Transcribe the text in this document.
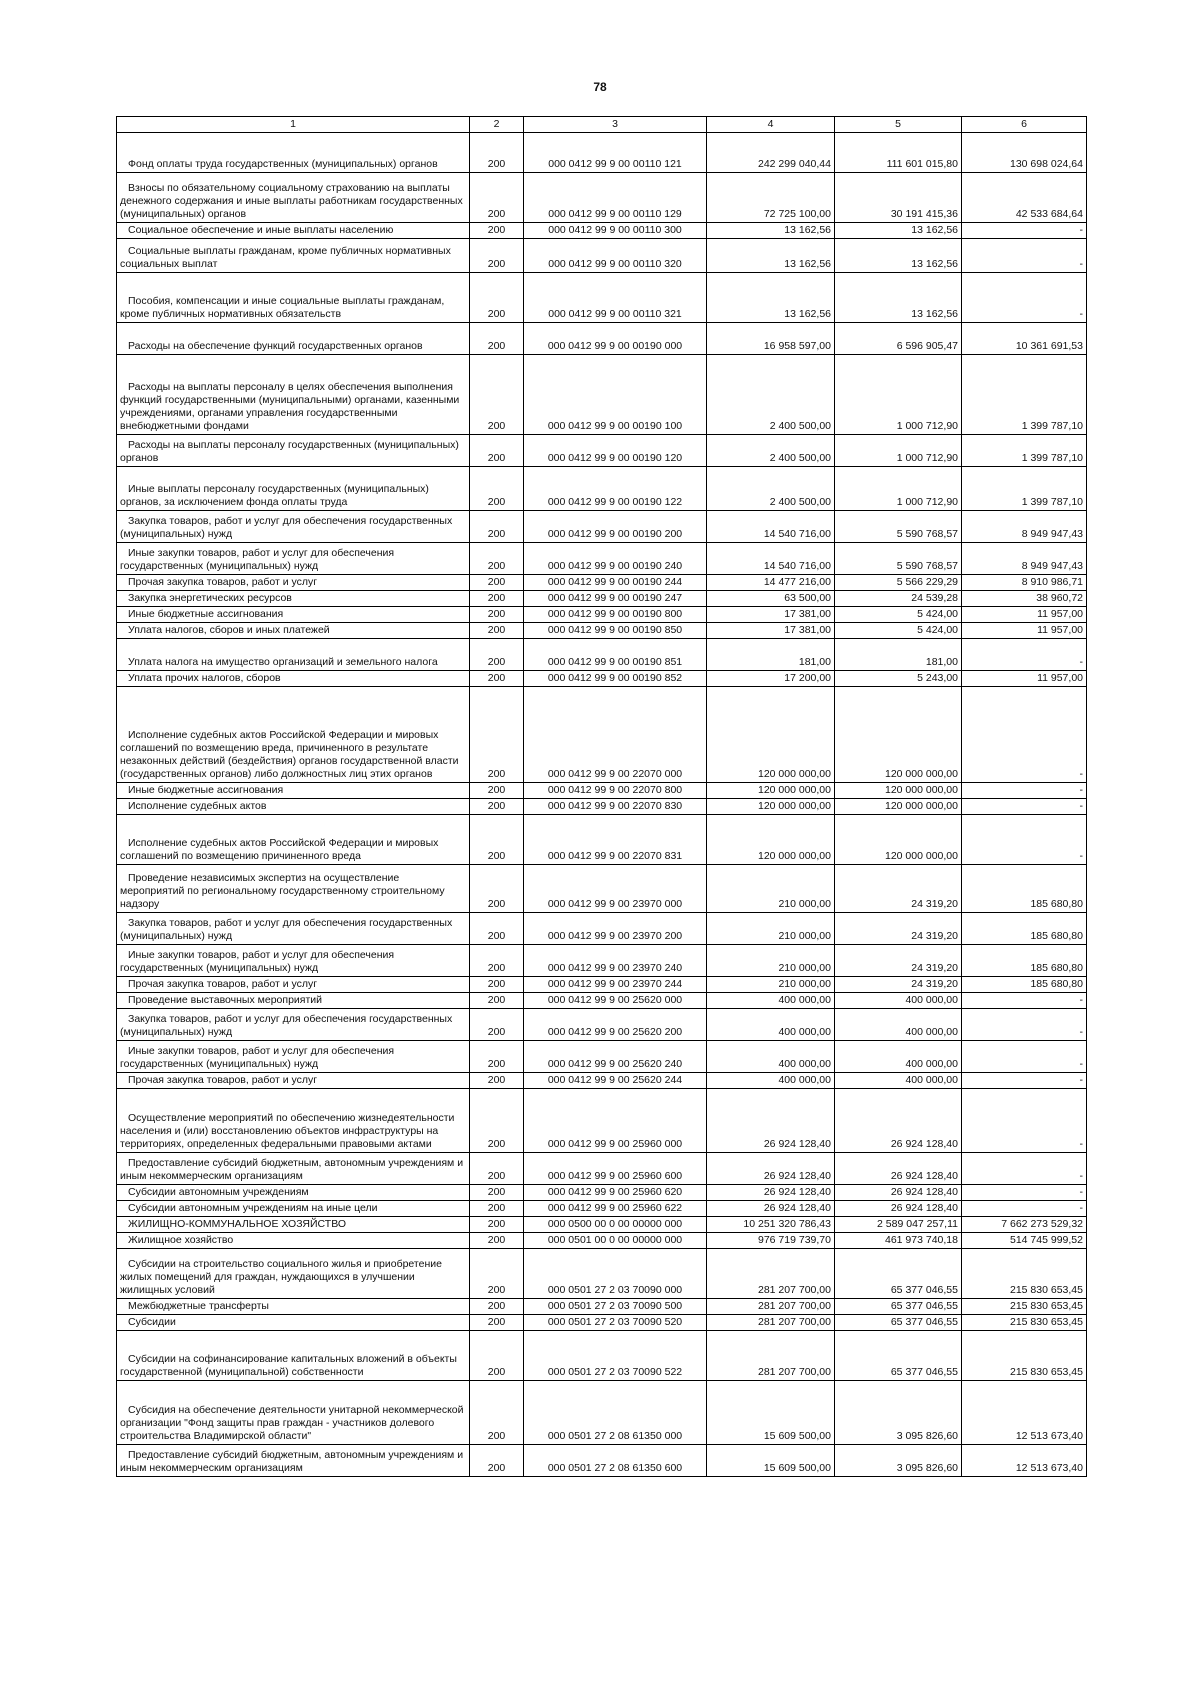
78
1	2	3	4	5	6
Фонд оплаты труда государственных (муниципальных) органов	200	000 0412 99 9 00 00110 121	242 299 040,44	111 601 015,80	130 698 024,64
Взносы по обязательному социальному страхованию на выплаты денежного содержания и иные выплаты работникам государственных (муниципальных) органов	200	000 0412 99 9 00 00110 129	72 725 100,00	30 191 415,36	42 533 684,64
Социальное обеспечение и иные выплаты населению	200	000 0412 99 9 00 00110 300	13 162,56	13 162,56	-
Социальные выплаты гражданам, кроме публичных нормативных социальных выплат	200	000 0412 99 9 00 00110 320	13 162,56	13 162,56	-
Пособия, компенсации и иные социальные выплаты гражданам, кроме публичных нормативных обязательств	200	000 0412 99 9 00 00110 321	13 162,56	13 162,56	-
Расходы на обеспечение функций государственных органов	200	000 0412 99 9 00 00190 000	16 958 597,00	6 596 905,47	10 361 691,53
Расходы на выплаты персоналу в целях обеспечения выполнения функций государственными (муниципальными) органами, казенными учреждениями, органами управления государственными внебюджетными фондами	200	000 0412 99 9 00 00190 100	2 400 500,00	1 000 712,90	1 399 787,10
Расходы на выплаты персоналу государственных (муниципальных) органов	200	000 0412 99 9 00 00190 120	2 400 500,00	1 000 712,90	1 399 787,10
Иные выплаты персоналу государственных (муниципальных) органов, за исключением фонда оплаты труда	200	000 0412 99 9 00 00190 122	2 400 500,00	1 000 712,90	1 399 787,10
Закупка товаров, работ и услуг для обеспечения государственных (муниципальных) нужд	200	000 0412 99 9 00 00190 200	14 540 716,00	5 590 768,57	8 949 947,43
Иные закупки товаров, работ и услуг для обеспечения государственных (муниципальных) нужд	200	000 0412 99 9 00 00190 240	14 540 716,00	5 590 768,57	8 949 947,43
Прочая закупка товаров, работ и услуг	200	000 0412 99 9 00 00190 244	14 477 216,00	5 566 229,29	8 910 986,71
Закупка энергетических ресурсов	200	000 0412 99 9 00 00190 247	63 500,00	24 539,28	38 960,72
Иные бюджетные ассигнования	200	000 0412 99 9 00 00190 800	17 381,00	5 424,00	11 957,00
Уплата налогов, сборов и иных платежей	200	000 0412 99 9 00 00190 850	17 381,00	5 424,00	11 957,00
Уплата налога на имущество организаций и земельного налога	200	000 0412 99 9 00 00190 851	181,00	181,00	-
Уплата прочих налогов, сборов	200	000 0412 99 9 00 00190 852	17 200,00	5 243,00	11 957,00
Исполнение судебных актов Российской Федерации и мировых соглашений по возмещению вреда, причиненного в результате незаконных действий (бездействия) органов государственной власти (государственных органов) либо должностных лиц этих органов	200	000 0412 99 9 00 22070 000	120 000 000,00	120 000 000,00	-
Иные бюджетные ассигнования	200	000 0412 99 9 00 22070 800	120 000 000,00	120 000 000,00	-
Исполнение судебных актов	200	000 0412 99 9 00 22070 830	120 000 000,00	120 000 000,00	-
Исполнение судебных актов Российской Федерации и мировых соглашений по возмещению причиненного вреда	200	000 0412 99 9 00 22070 831	120 000 000,00	120 000 000,00	-
Проведение независимых экспертиз на осуществление мероприятий по региональному государственному строительному надзору	200	000 0412 99 9 00 23970 000	210 000,00	24 319,20	185 680,80
Закупка товаров, работ и услуг для обеспечения государственных (муниципальных) нужд	200	000 0412 99 9 00 23970 200	210 000,00	24 319,20	185 680,80
Иные закупки товаров, работ и услуг для обеспечения государственных (муниципальных) нужд	200	000 0412 99 9 00 23970 240	210 000,00	24 319,20	185 680,80
Прочая закупка товаров, работ и услуг	200	000 0412 99 9 00 23970 244	210 000,00	24 319,20	185 680,80
Проведение выставочных мероприятий	200	000 0412 99 9 00 25620 000	400 000,00	400 000,00	-
Закупка товаров, работ и услуг для обеспечения государственных (муниципальных) нужд	200	000 0412 99 9 00 25620 200	400 000,00	400 000,00	-
Иные закупки товаров, работ и услуг для обеспечения государственных (муниципальных) нужд	200	000 0412 99 9 00 25620 240	400 000,00	400 000,00	-
Прочая закупка товаров, работ и услуг	200	000 0412 99 9 00 25620 244	400 000,00	400 000,00	-
Осуществление мероприятий по обеспечению жизнедеятельности населения и (или) восстановлению объектов инфраструктуры на территориях, определенных федеральными правовыми актами	200	000 0412 99 9 00 25960 000	26 924 128,40	26 924 128,40	-
Предоставление субсидий бюджетным, автономным учреждениям и иным некоммерческим организациям	200	000 0412 99 9 00 25960 600	26 924 128,40	26 924 128,40	-
Субсидии автономным учреждениям	200	000 0412 99 9 00 25960 620	26 924 128,40	26 924 128,40	-
Субсидии автономным учреждениям на иные цели	200	000 0412 99 9 00 25960 622	26 924 128,40	26 924 128,40	-
ЖИЛИЩНО-КОММУНАЛЬНОЕ ХОЗЯЙСТВО	200	000 0500 00 0 00 00000 000	10 251 320 786,43	2 589 047 257,11	7 662 273 529,32
Жилищное хозяйство	200	000 0501 00 0 00 00000 000	976 719 739,70	461 973 740,18	514 745 999,52
Субсидии на строительство социального жилья и приобретение жилых помещений для граждан, нуждающихся в улучшении жилищных условий	200	000 0501 27 2 03 70090 000	281 207 700,00	65 377 046,55	215 830 653,45
Межбюджетные трансферты	200	000 0501 27 2 03 70090 500	281 207 700,00	65 377 046,55	215 830 653,45
Субсидии	200	000 0501 27 2 03 70090 520	281 207 700,00	65 377 046,55	215 830 653,45
Субсидии на софинансирование капитальных вложений в объекты государственной (муниципальной) собственности	200	000 0501 27 2 03 70090 522	281 207 700,00	65 377 046,55	215 830 653,45
Субсидия на обеспечение деятельности унитарной некоммерческой организации "Фонд защиты прав граждан - участников долевого строительства Владимирской области"	200	000 0501 27 2 08 61350 000	15 609 500,00	3 095 826,60	12 513 673,40
Предоставление субсидий бюджетным, автономным учреждениям и иным некоммерческим организациям	200	000 0501 27 2 08 61350 600	15 609 500,00	3 095 826,60	12 513 673,40
